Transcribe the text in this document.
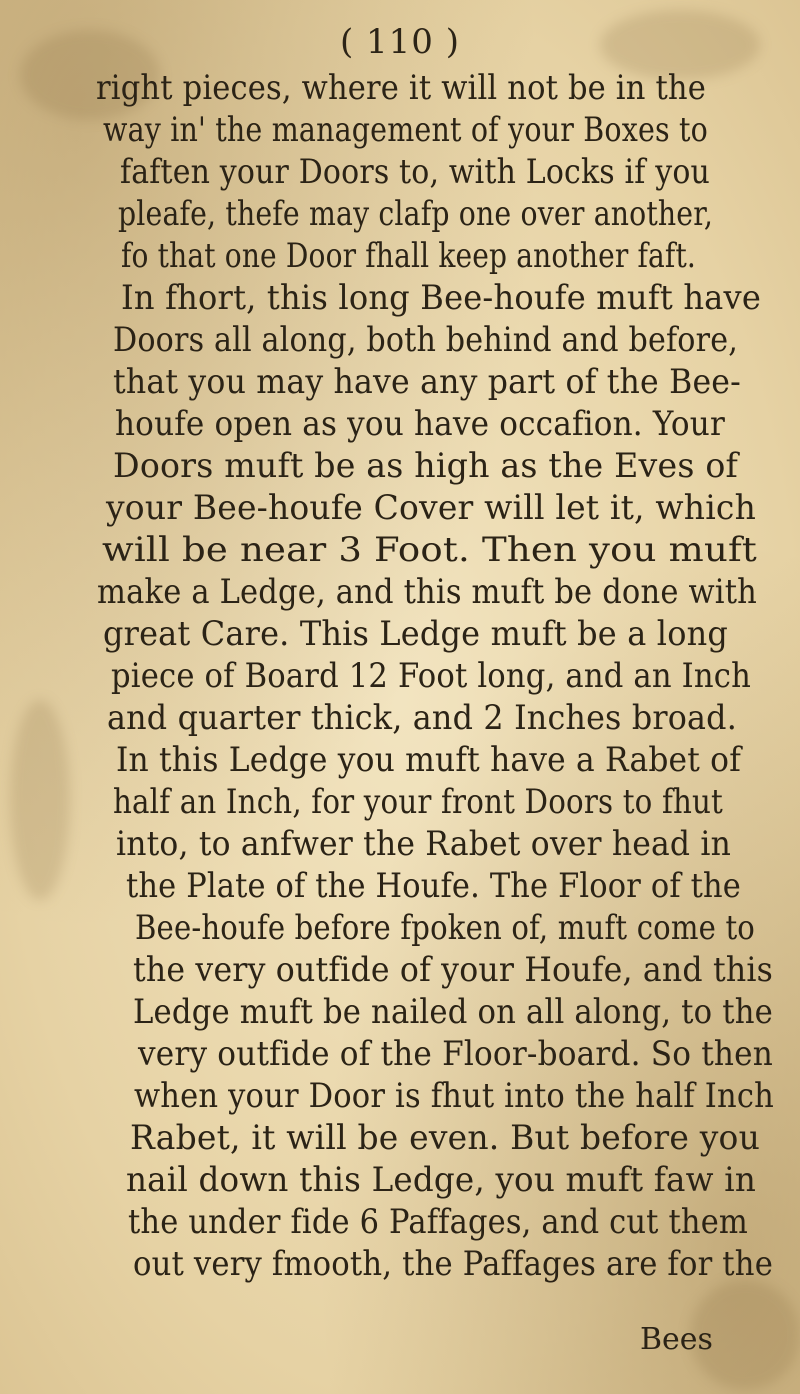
( 110 )
right pieces, where it will not be in the
way in' the management of your Boxes to
faften your Doors to, with Locks if you
pleafe, thefe may clafp one over another,
fo that one Door fhall keep another faft.
In fhort, this long Bee-houfe muft have
Doors all along, both behind and before,
that you may have any part of the Bee-
houfe open as you have occafion. Your
Doors muft be as high as the Eves of
your Bee-houfe Cover will let it, which
will be near 3 Foot. Then you muft
make a Ledge, and this muft be done with
great Care. This Ledge muft be a long
piece of Board 12 Foot long, and an Inch
and quarter thick, and 2 Inches broad.
In this Ledge you muft have a Rabet of
half an Inch, for your front Doors to fhut
into, to anfwer the Rabet over head in
the Plate of the Houfe. The Floor of the
Bee-houfe before fpoken of, muft come to
the very outfide of your Houfe, and this
Ledge muft be nailed on all along, to the
very outfide of the Floor-board. So then
when your Door is fhut into the half Inch
Rabet, it will be even. But before you
nail down this Ledge, you muft faw in
the under fide 6 Paffages, and cut them
out very fmooth, the Paffages are for the
Bees
